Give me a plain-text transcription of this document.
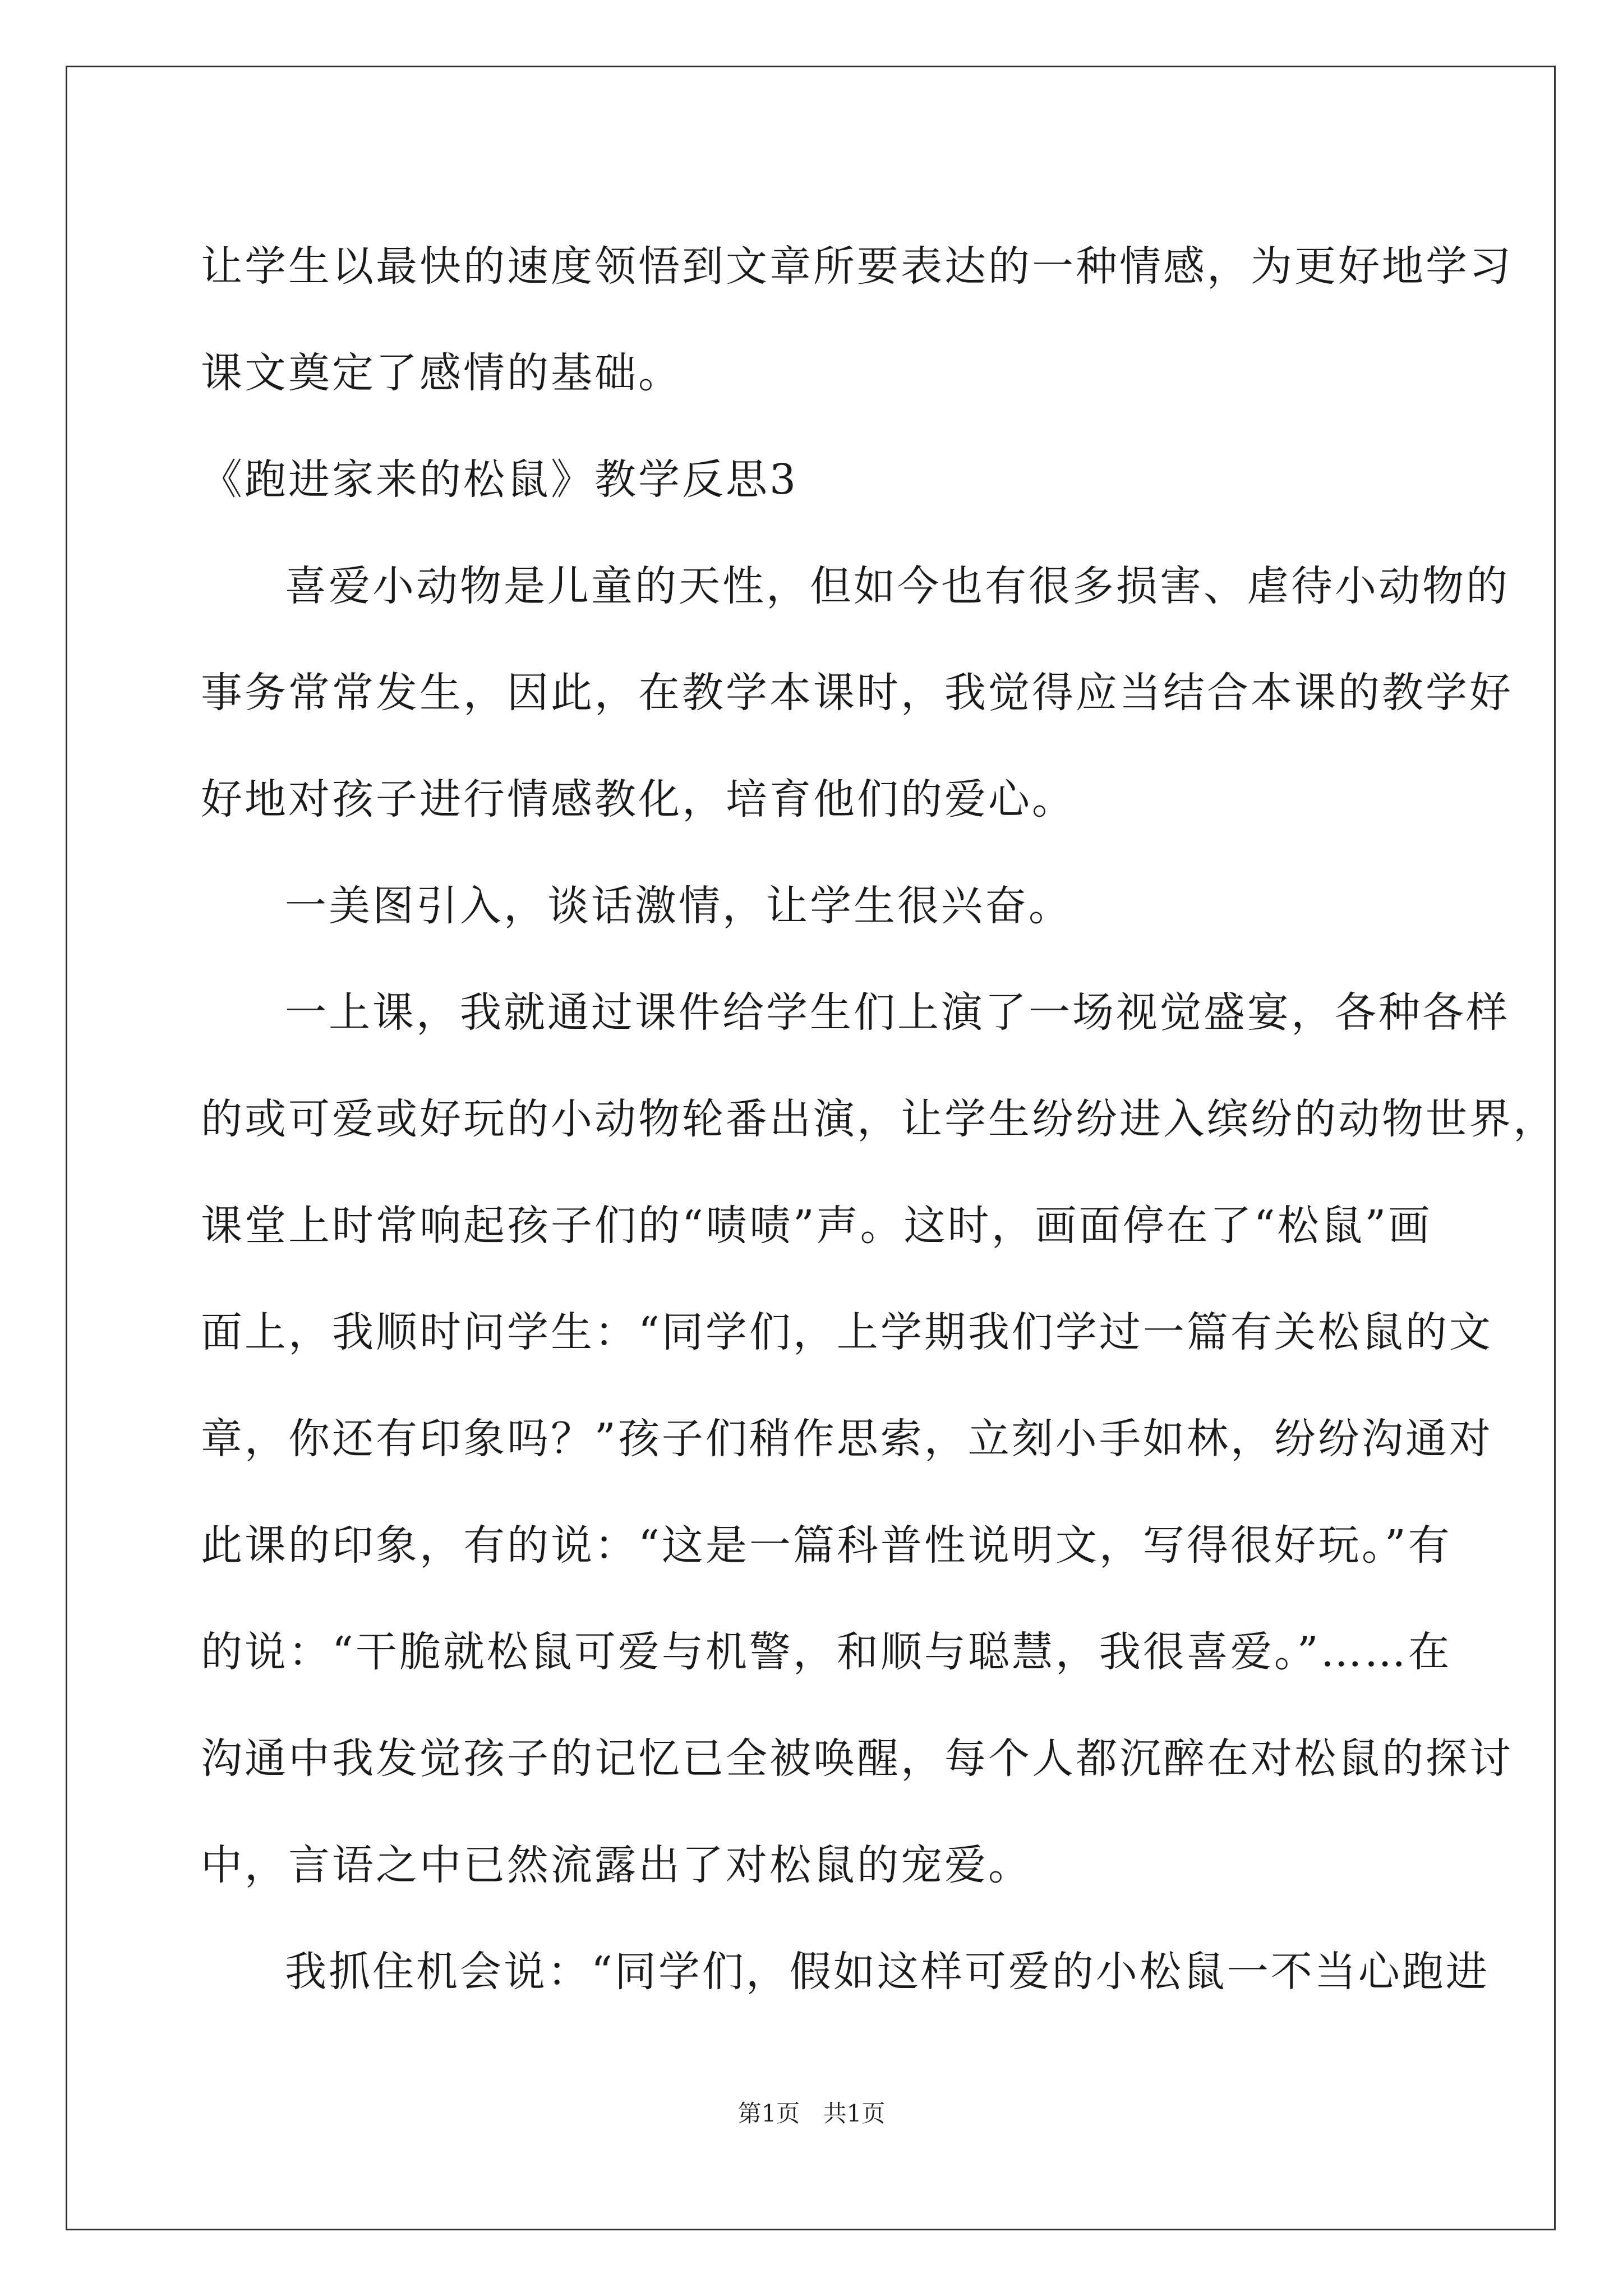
让学生以最快的速度领悟到文章所要表达的一种情感，为更好地学习
课文奠定了感情的基础。
《跑进家来的松鼠》教学反思3
喜爱小动物是儿童的天性，但如今也有很多损害、虐待小动物的
事务常常发生，因此，在教学本课时，我觉得应当结合本课的教学好
好地对孩子进行情感教化，培育他们的爱心。
一美图引入，谈话激情，让学生很兴奋。
一上课，我就通过课件给学生们上演了一场视觉盛宴，各种各样
的或可爱或好玩的小动物轮番出演，让学生纷纷进入缤纷的动物世界，
课堂上时常响起孩子们的“啧啧”声。这时，画面停在了“松鼠”画
面上，我顺时问学生：“同学们，上学期我们学过一篇有关松鼠的文
章，你还有印象吗？”孩子们稍作思索，立刻小手如林，纷纷沟通对
此课的印象，有的说：“这是一篇科普性说明文，写得很好玩。”有
的说：“干脆就松鼠可爱与机警，和顺与聪慧，我很喜爱。”……在
沟通中我发觉孩子的记忆已全被唤醒，每个人都沉醉在对松鼠的探讨
中，言语之中已然流露出了对松鼠的宠爱。
我抓住机会说：“同学们，假如这样可爱的小松鼠一不当心跑进
第1页 共1页
